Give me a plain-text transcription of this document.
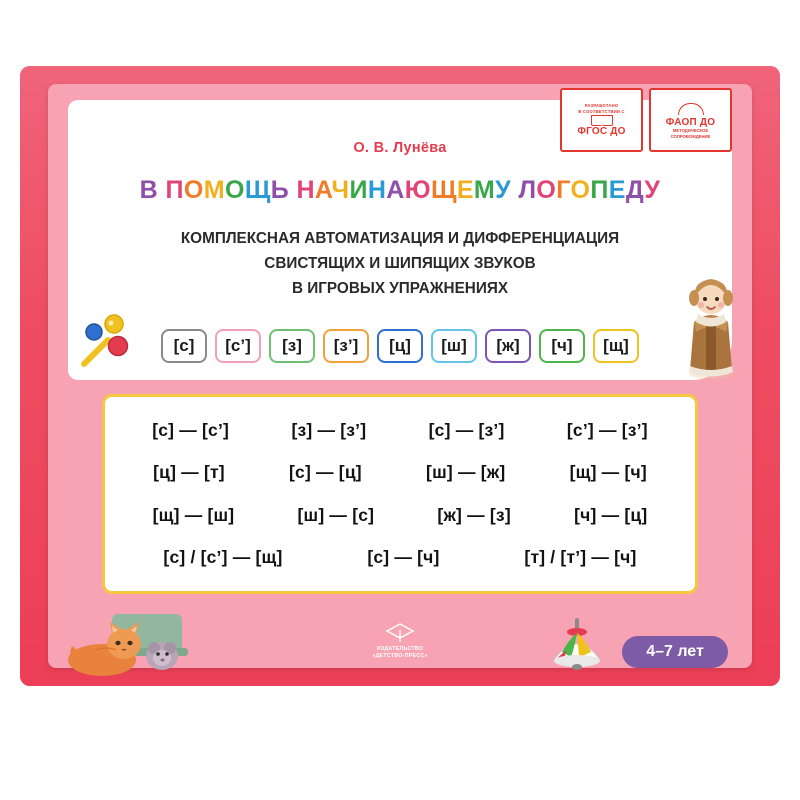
РАЗРАБОТАНО
В СООТВЕТСТВИИ С
ФГОС ДО
ФАОП ДО
МЕТОДИЧЕСКОЕ
СОПРОВОЖДЕНИЕ
О. В. Лунёва
В ПОМОЩЬ НАЧИНАЮЩЕМУ ЛОГОПЕДУ
КОМПЛЕКСНАЯ АВТОМАТИЗАЦИЯ И ДИФФЕРЕНЦИАЦИЯ
СВИСТЯЩИХ И ШИПЯЩИХ ЗВУКОВ
В ИГРОВЫХ УПРАЖНЕНИЯХ
[с] [с’] [з] [з’] [ц] [ш] [ж] [ч] [щ]
[с] — [с’]	[з] — [з’]	[с] — [з’]	[с’] — [з’]
[ц] — [т]	[с] — [ц]	[ш] — [ж]	[щ] — [ч]
[щ] — [ш]	[ш] — [с]	[ж] — [з]	[ч] — [ц]
[с] / [с’] — [щ]	[с] — [ч]	[т] / [т’] — [ч]
ИЗДАТЕЛЬСТВО
«ДЕТСТВО-ПРЕСС»	4–7 лет
